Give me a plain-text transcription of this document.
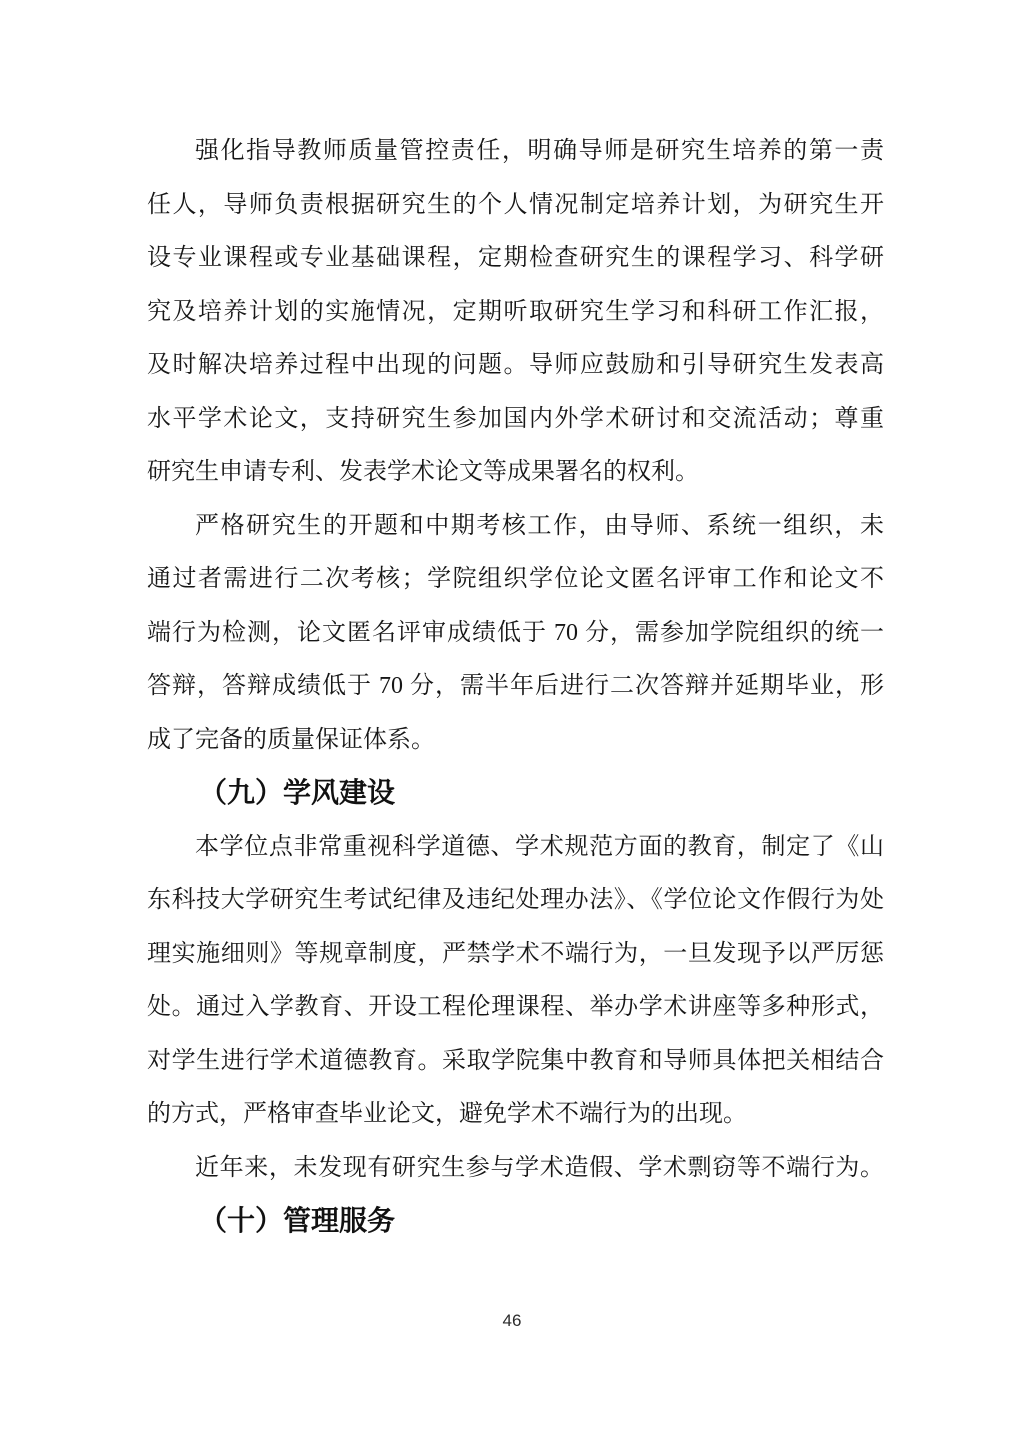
强化指导教师质量管控责任，明确导师是研究生培养的第一责
任人，导师负责根据研究生的个人情况制定培养计划，为研究生开
设专业课程或专业基础课程，定期检查研究生的课程学习、科学研
究及培养计划的实施情况，定期听取研究生学习和科研工作汇报，
及时解决培养过程中出现的问题。导师应鼓励和引导研究生发表高
水平学术论文，支持研究生参加国内外学术研讨和交流活动；尊重
研究生申请专利、发表学术论文等成果署名的权利。
严格研究生的开题和中期考核工作，由导师、系统一组织，未
通过者需进行二次考核；学院组织学位论文匿名评审工作和论文不
端行为检测，论文匿名评审成绩低于 70 分，需参加学院组织的统一
答辩，答辩成绩低于 70 分，需半年后进行二次答辩并延期毕业，形
成了完备的质量保证体系。
（九）学风建设
本学位点非常重视科学道德、学术规范方面的教育，制定了《山
东科技大学研究生考试纪律及违纪处理办法》、《学位论文作假行为处
理实施细则》等规章制度，严禁学术不端行为，一旦发现予以严厉惩
处。通过入学教育、开设工程伦理课程、举办学术讲座等多种形式，
对学生进行学术道德教育。采取学院集中教育和导师具体把关相结合
的方式，严格审查毕业论文，避免学术不端行为的出现。
近年来，未发现有研究生参与学术造假、学术剽窃等不端行为。
（十）管理服务
46
